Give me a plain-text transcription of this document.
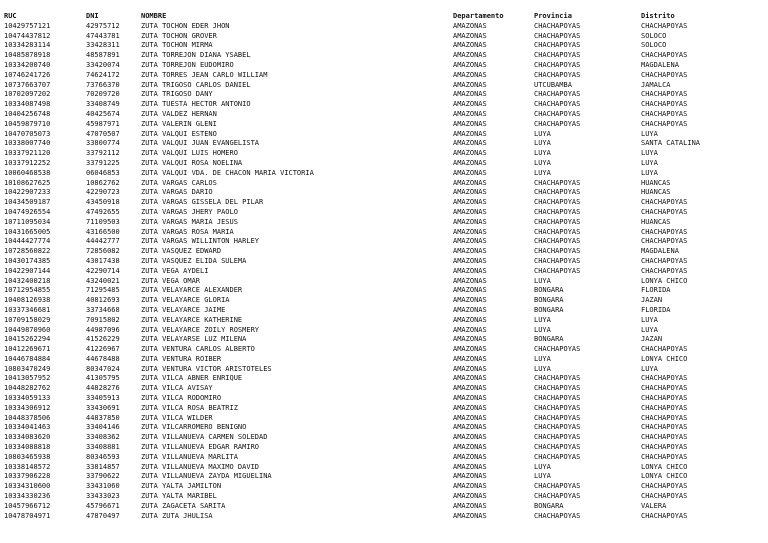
RUC	DNI	NOMBRE	Departamento	Provincia	Distrito
10429757121	42975712	ZUTA TOCHON EDER JHON	AMAZONAS	CHACHAPOYAS	CHACHAPOYAS
10474437812	47443781	ZUTA TOCHON GROVER	AMAZONAS	CHACHAPOYAS	SOLOCO
10334283114	33428311	ZUTA TOCHON MIRMA	AMAZONAS	CHACHAPOYAS	SOLOCO
10485878918	48587891	ZUTA TORREJON DIANA YSABEL	AMAZONAS	CHACHAPOYAS	CHACHAPOYAS
10334200740	33420074	ZUTA TORREJON EUDOMIRO	AMAZONAS	CHACHAPOYAS	MAGDALENA
10746241726	74624172	ZUTA TORRES JEAN CARLO WILLIAM	AMAZONAS	CHACHAPOYAS	CHACHAPOYAS
10737663707	73766370	ZUTA TRIGOSO CARLOS DANIEL	AMAZONAS	UTCUBAMBA	JAMALCA
10702097202	70209720	ZUTA TRIGOSO DANY	AMAZONAS	CHACHAPOYAS	CHACHAPOYAS
10334087498	33408749	ZUTA TUESTA HECTOR ANTONIO	AMAZONAS	CHACHAPOYAS	CHACHAPOYAS
10404256748	40425674	ZUTA VALDEZ HERNAN	AMAZONAS	CHACHAPOYAS	CHACHAPOYAS
10459879710	45987971	ZUTA VALERIN GLENI	AMAZONAS	CHACHAPOYAS	CHACHAPOYAS
10470705073	47070507	ZUTA VALQUI ESTEÑO	AMAZONAS	LUYA	LUYA
10338007740	33800774	ZUTA VALQUI JUAN EVANGELISTA	AMAZONAS	LUYA	SANTA CATALINA
10337921120	33792112	ZUTA VALQUI LUIS HOMERO	AMAZONAS	LUYA	LUYA
10337912252	33791225	ZUTA VALQUI ROSA NOELINA	AMAZONAS	LUYA	LUYA
10060468538	06046853	ZUTA VALQUI VDA. DE CHACON MARIA VICTORIA	AMAZONAS	LUYA	LUYA
10108627625	10862762	ZUTA VARGAS CARLOS	AMAZONAS	CHACHAPOYAS	HUANCAS
10422907233	42290723	ZUTA VARGAS DARIO	AMAZONAS	CHACHAPOYAS	HUANCAS
10434509187	43450918	ZUTA VARGAS GISSELA DEL PILAR	AMAZONAS	CHACHAPOYAS	CHACHAPOYAS
10474926554	47492655	ZUTA VARGAS JHERY PAOLO	AMAZONAS	CHACHAPOYAS	CHACHAPOYAS
10711095034	71109503	ZUTA VARGAS MARIA JESUS	AMAZONAS	CHACHAPOYAS	HUANCAS
10431665005	43166500	ZUTA VARGAS ROSA MARIA	AMAZONAS	CHACHAPOYAS	CHACHAPOYAS
10444427774	44442777	ZUTA VARGAS WILLINTON HARLEY	AMAZONAS	CHACHAPOYAS	CHACHAPOYAS
10728560822	72856082	ZUTA VASQUEZ EDWARD	AMAZONAS	CHACHAPOYAS	MAGDALENA
10430174385	43017438	ZUTA VASQUEZ ELIDA SULEMA	AMAZONAS	CHACHAPOYAS	CHACHAPOYAS
10422907144	42290714	ZUTA VEGA AYDELI	AMAZONAS	CHACHAPOYAS	CHACHAPOYAS
10432400218	43240021	ZUTA VEGA OMAR	AMAZONAS	LUYA	LONYA CHICO
10712954855	71295485	ZUTA VELAYARCE ALEXANDER	AMAZONAS	BONGARA	FLORIDA
10408126938	40812693	ZUTA VELAYARCE GLORIA	AMAZONAS	BONGARA	JAZAN
10337346681	33734668	ZUTA VELAYARCE JAIME	AMAZONAS	BONGARA	FLORIDA
10709158029	70915802	ZUTA VELAYARCE KATHERINE	AMAZONAS	LUYA	LUYA
10449870960	44987096	ZUTA VELAYARCE ZOILY ROSMERY	AMAZONAS	LUYA	LUYA
10415262294	41526229	ZUTA VELAYARSE LUZ MILENA	AMAZONAS	BONGARA	JAZAN
10412269671	41226967	ZUTA VENTURA CARLOS ALBERTO	AMAZONAS	CHACHAPOYAS	CHACHAPOYAS
10446784884	44678488	ZUTA VENTURA ROIBER	AMAZONAS	LUYA	LONYA CHICO
10803470249	80347024	ZUTA VENTURA VICTOR ARISTOTELES	AMAZONAS	LUYA	LUYA
10413057952	41305795	ZUTA VILCA ABNER ENRIQUE	AMAZONAS	CHACHAPOYAS	CHACHAPOYAS
10448282762	44828276	ZUTA VILCA AVISAY	AMAZONAS	CHACHAPOYAS	CHACHAPOYAS
10334059133	33405913	ZUTA VILCA RODOMIRO	AMAZONAS	CHACHAPOYAS	CHACHAPOYAS
10334306912	33430691	ZUTA VILCA ROSA BEATRIZ	AMAZONAS	CHACHAPOYAS	CHACHAPOYAS
10448378506	44837850	ZUTA VILCA WILDER	AMAZONAS	CHACHAPOYAS	CHACHAPOYAS
10334041463	33404146	ZUTA VILCARROMERO BENIGNO	AMAZONAS	CHACHAPOYAS	CHACHAPOYAS
10334083620	33408362	ZUTA VILLANUEVA CARMEN SOLEDAD	AMAZONAS	CHACHAPOYAS	CHACHAPOYAS
10334088818	33408881	ZUTA VILLANUEVA EDGAR RAMIRO	AMAZONAS	CHACHAPOYAS	CHACHAPOYAS
10803465938	80346593	ZUTA VILLANUEVA MARLITA	AMAZONAS	CHACHAPOYAS	CHACHAPOYAS
10338148572	33814857	ZUTA VILLANUEVA MAXIMO DAVID	AMAZONAS	LUYA	LONYA CHICO
10337906228	33790622	ZUTA VILLANUEVA ZAYDA MIGUELINA	AMAZONAS	LUYA	LONYA CHICO
10334310600	33431060	ZUTA YALTA JAMILTON	AMAZONAS	CHACHAPOYAS	CHACHAPOYAS
10334330236	33433023	ZUTA YALTA MARIBEL	AMAZONAS	CHACHAPOYAS	CHACHAPOYAS
10457966712	45796671	ZUTA ZAGACETA SARITA	AMAZONAS	BONGARA	VALERA
10478704971	47870497	ZUTA ZUTA JHULISA	AMAZONAS	CHACHAPOYAS	CHACHAPOYAS
